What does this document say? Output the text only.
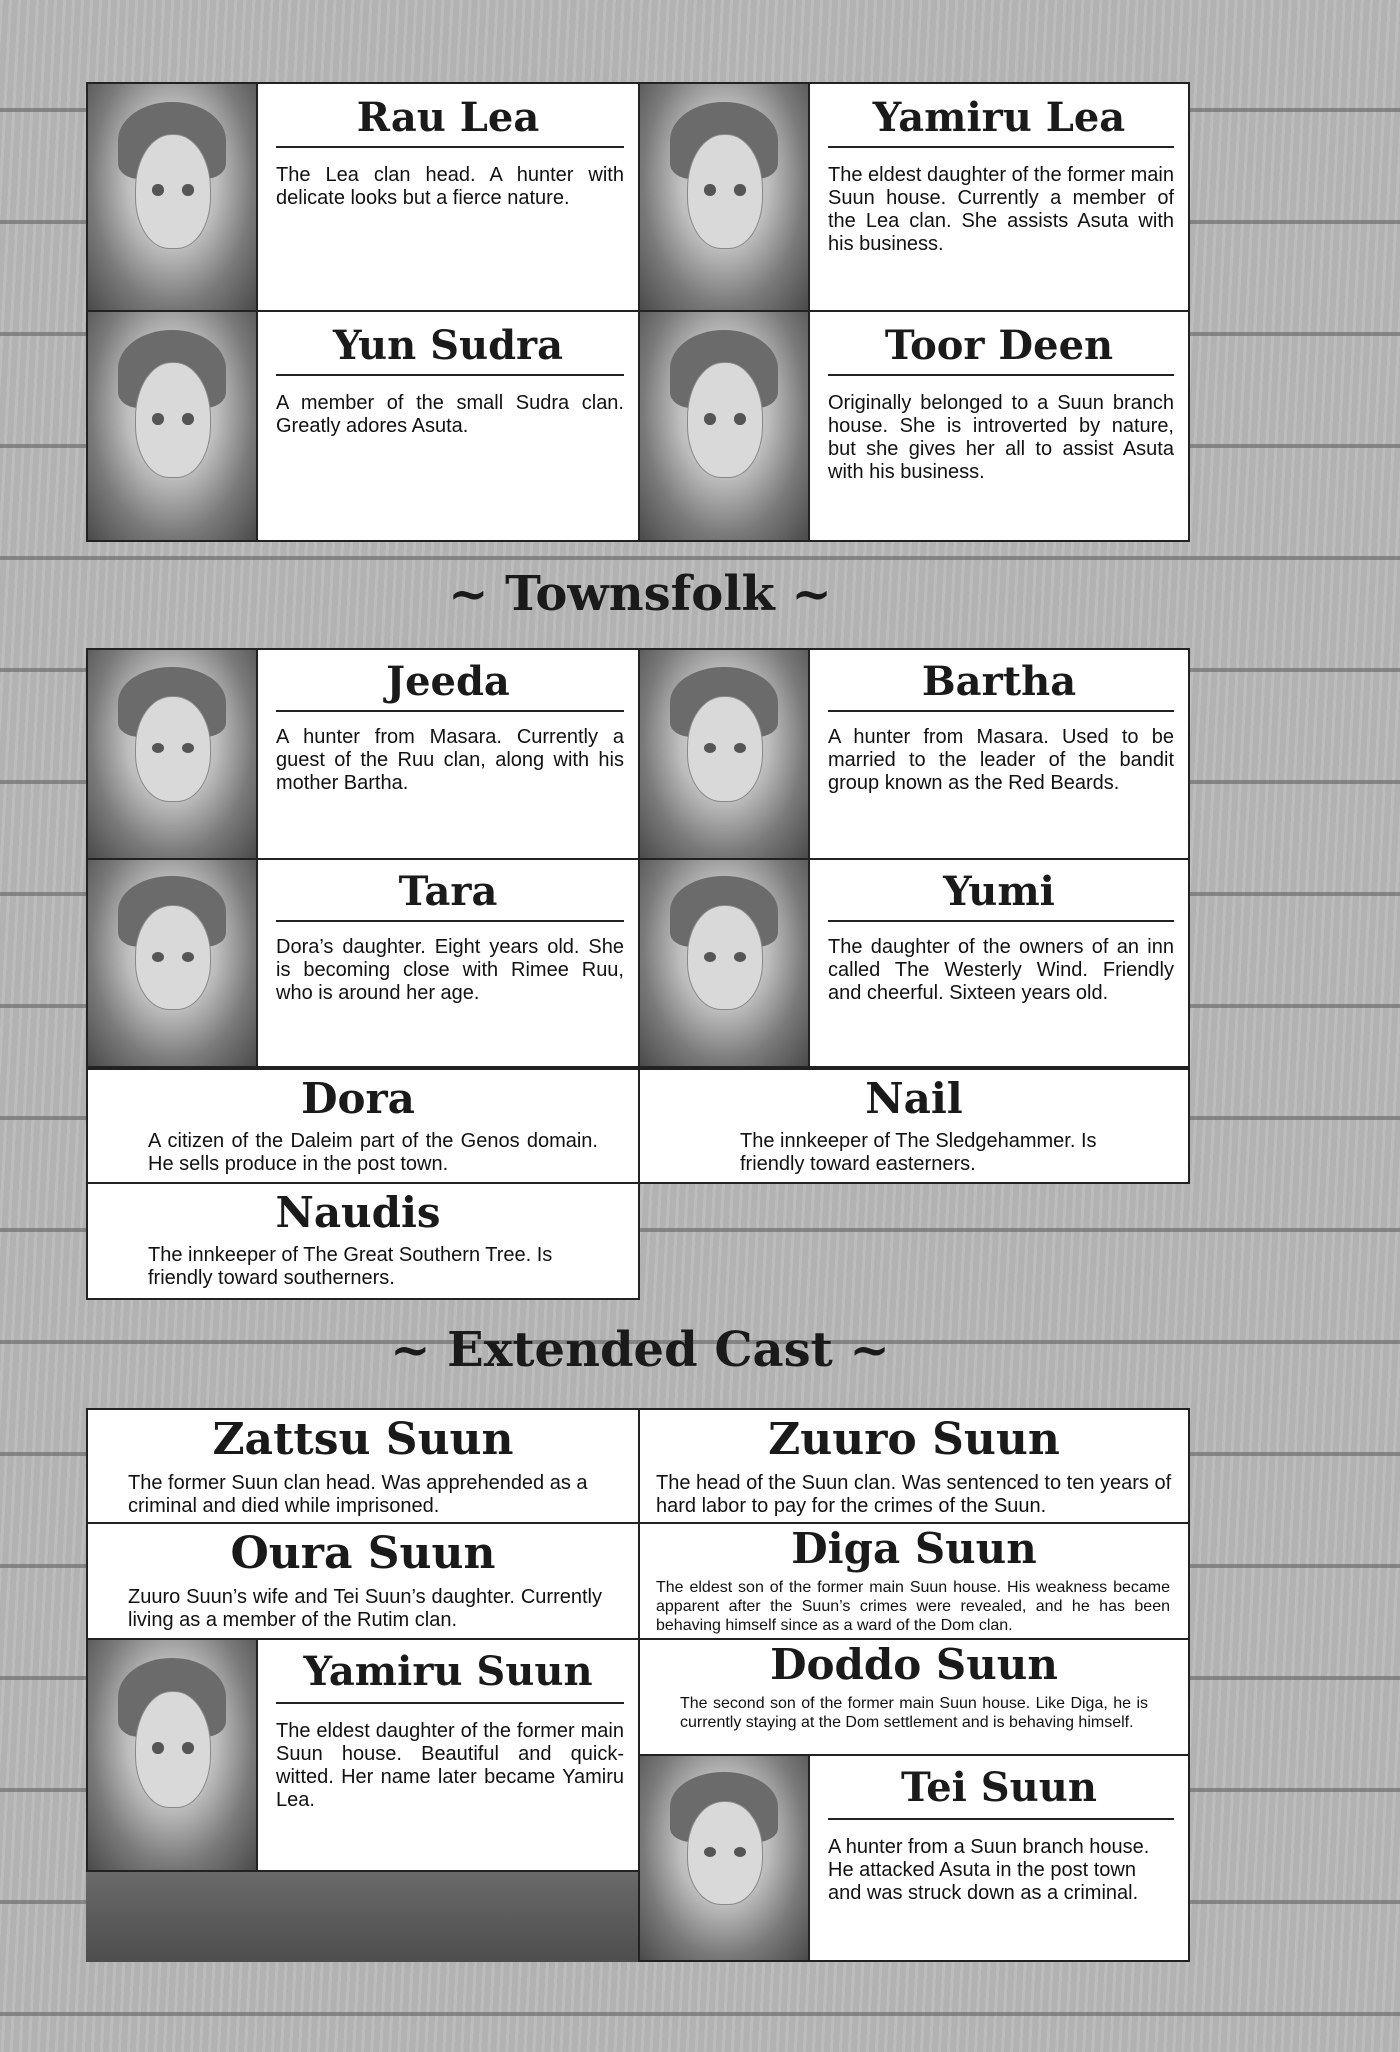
Rau Lea
The Lea clan head. A hunter with delicate looks but a fierce nature.
Yamiru Lea
The eldest daughter of the former main Suun house. Currently a member of the Lea clan. She assists Asuta with his business.
Yun Sudra
A member of the small Sudra clan. Greatly adores Asuta.
Toor Deen
Originally belonged to a Suun branch house. She is introverted by nature, but she gives her all to assist Asuta with his business.
~ Townsfolk ~
Jeeda
A hunter from Masara. Currently a guest of the Ruu clan, along with his mother Bartha.
Bartha
A hunter from Masara. Used to be married to the leader of the bandit group known as the Red Beards.
Tara
Dora’s daughter. Eight years old. She is becoming close with Rimee Ruu, who is around her age.
Yumi
The daughter of the owners of an inn called The Westerly Wind. Friendly and cheerful. Sixteen years old.
Dora
A citizen of the Daleim part of the Genos domain. He sells produce in the post town.
Nail
The innkeeper of The Sledgehammer. Is friendly toward easterners.
Naudis
The innkeeper of The Great Southern Tree. Is friendly toward southerners.
~ Extended Cast ~
Zattsu Suun
The former Suun clan head. Was apprehended as a criminal and died while imprisoned.
Zuuro Suun
The head of the Suun clan. Was sentenced to ten years of hard labor to pay for the crimes of the Suun.
Oura Suun
Zuuro Suun’s wife and Tei Suun’s daughter. Currently living as a member of the Rutim clan.
Diga Suun
The eldest son of the former main Suun house. His weakness became apparent after the Suun’s crimes were revealed, and he has been behaving himself since as a ward of the Dom clan.
Yamiru Suun
The eldest daughter of the former main Suun house. Beautiful and quick-witted. Her name later became Yamiru Lea.
Doddo Suun
The second son of the former main Suun house. Like Diga, he is currently staying at the Dom settlement and is behaving himself.
Tei Suun
A hunter from a Suun branch house. He attacked Asuta in the post town and was struck down as a criminal.
